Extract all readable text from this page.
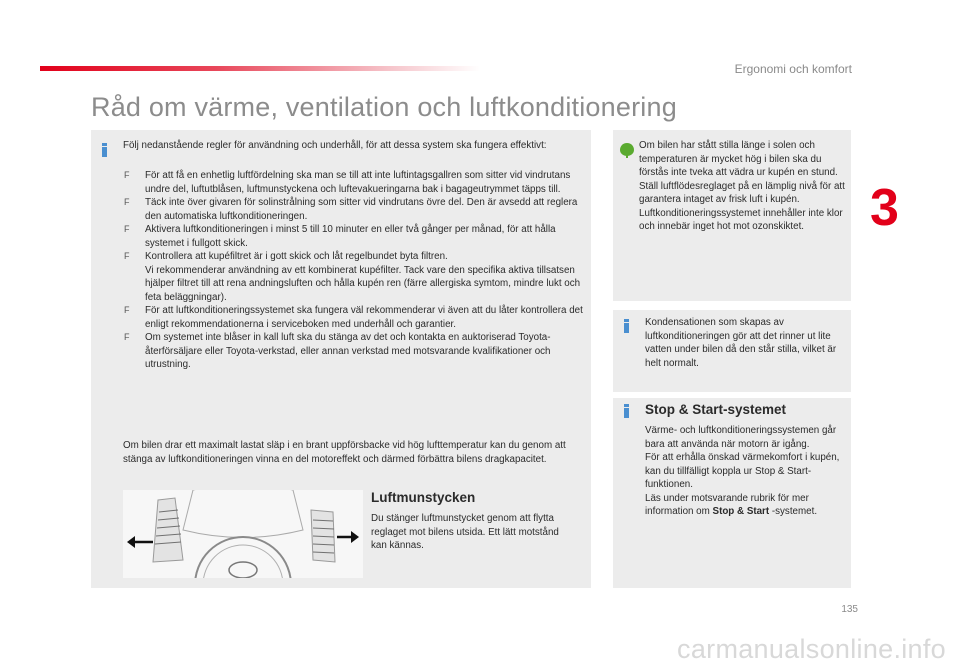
Ergonomi och komfort
Råd om värme, ventilation och luftkonditionering
3
Följ nedanstående regler för användning och underhåll, för att dessa system ska fungera effektivt:
F För att få en enhetlig luftfördelning ska man se till att inte luftintagsgallren som sitter vid vindrutans undre del, luftutblåsen, luftmunstyckena och luftevakueringarna bak i bagageutrymmet täpps till.
F Täck inte över givaren för solinstrålning som sitter vid vindrutans övre del. Den är avsedd att reglera den automatiska luftkonditioneringen.
F Aktivera luftkonditioneringen i minst 5 till 10 minuter en eller två gånger per månad, för att hålla systemet i fullgott skick.
F Kontrollera att kupéfiltret är i gott skick och låt regelbundet byta filtren.
Vi rekommenderar användning av ett kombinerat kupéfilter. Tack vare den specifika aktiva tillsatsen hjälper filtret till att rena andningsluften och hålla kupén ren (färre allergiska symtom, mindre lukt och feta beläggningar).
F För att luftkonditioneringssystemet ska fungera väl rekommenderar vi även att du låter kontrollera det enligt rekommendationerna i serviceboken med underhåll och garantier.
F Om systemet inte blåser in kall luft ska du stänga av det och kontakta en auktoriserad Toyota-återförsäljare eller Toyota-verkstad, eller annan verkstad med motsvarande kvalifikationer och utrustning.
Om bilen drar ett maximalt lastat släp i en brant uppförsbacke vid hög lufttemperatur kan du genom att stänga av luftkonditioneringen vinna en del motoreffekt och därmed förbättra bilens dragkapacitet.
Luftmunstycken
Du stänger luftmunstycket genom att flytta reglaget mot bilens utsida. Ett lätt motstånd kan kännas.
Om bilen har stått stilla länge i solen och temperaturen är mycket hög i bilen ska du förstås inte tveka att vädra ur kupén en stund.
Ställ luftflödesreglaget på en lämplig nivå för att garantera intaget av frisk luft i kupén.
Luftkonditioneringssystemet innehåller inte klor och innebär inget hot mot ozonskiktet.
Kondensationen som skapas av luftkonditioneringen gör att det rinner ut lite vatten under bilen då den står stilla, vilket är helt normalt.
Stop & Start-systemet
Värme- och luftkonditioneringssystemen går bara att använda när motorn är igång.
För att erhålla önskad värmekomfort i kupén, kan du tillfälligt koppla ur Stop & Start-funktionen.
Läs under motsvarande rubrik för mer information om Stop & Start -systemet.
135
carmanualsonline.info
